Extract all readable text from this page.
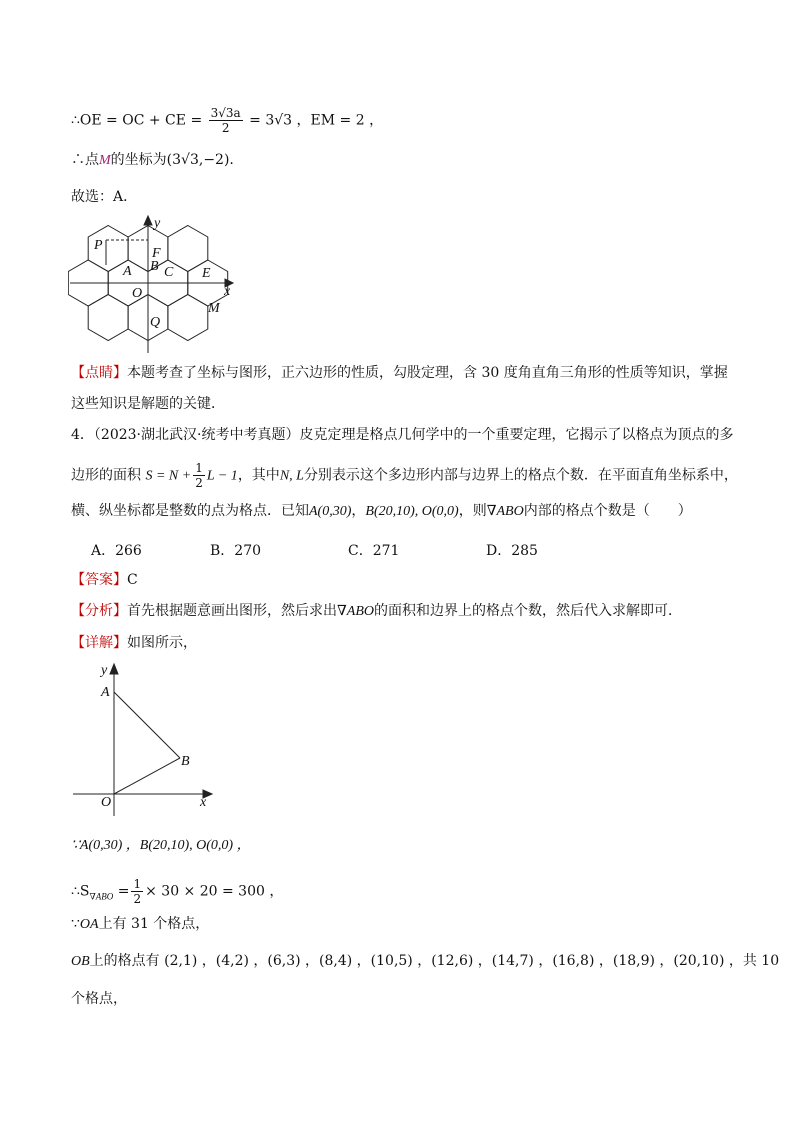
∴OE = OC + CE = $\frac{3√3a}{2} = 3√3$ ，EM = 2 ，
∴点M的坐标为(3√3,−2).
故选：A．
y
P
F
B
A C E
x
O
M
Q
【点睛】本题考查了坐标与图形，正六边形的性质，勾股定理，含 30 度角直角三角形的性质等知识，掌握
这些知识是解题的关键．
4．（2023·湖北武汉·统考中考真题）皮克定理是格点几何学中的一个重要定理，它揭示了以格点为顶点的多
边形的面积 $S = N + \frac{1}{2}$ L − 1，其中N, L分别表示这个多边形内部与边界上的格点个数．在平面直角坐标系中，
横、纵坐标都是整数的点为格点．已知A(0,30)，B(20,10), O(0,0)，则∇ABO内部的格点个数是（　　）
A．266	B．270	C．271	D．285
【答案】C
【分析】首先根据题意画出图形，然后求出∇ABO的面积和边界上的格点个数，然后代入求解即可．
【详解】如图所示，
y
A
B
O	x
∵A(0,30) ，B(20,10), O(0,0) ，
$\therefore S_{\nabla ABO} = \frac{1}{2} \times 30 \times 20 = 300$ ，
∵OA上有 31 个格点，
OB上的格点有 (2,1) ，(4,2) ，(6,3) ，(8,4) ，(10,5) ，(12,6) ，(14,7) ，(16,8) ，(18,9) ，(20,10) ，共 10
个格点，
